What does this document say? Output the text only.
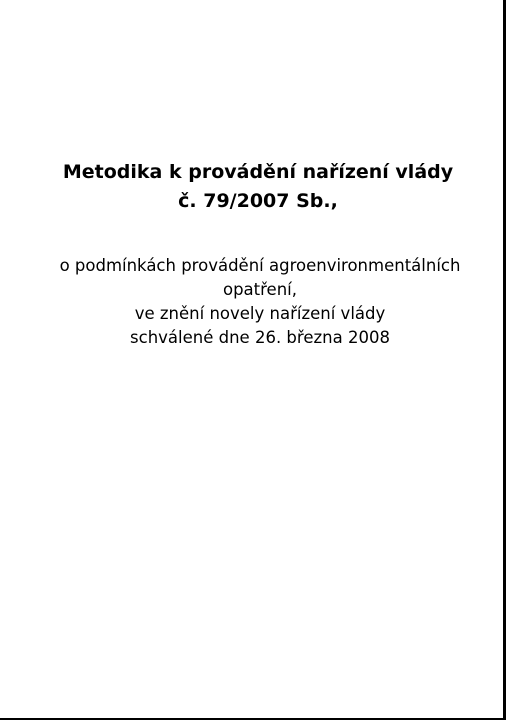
Metodika k provádění nařízení vlády
č. 79/2007 Sb.,
o podmínkách provádění agroenvironmentálních
opatření,
ve znění novely nařízení vlády
schválené dne 26. března 2008
